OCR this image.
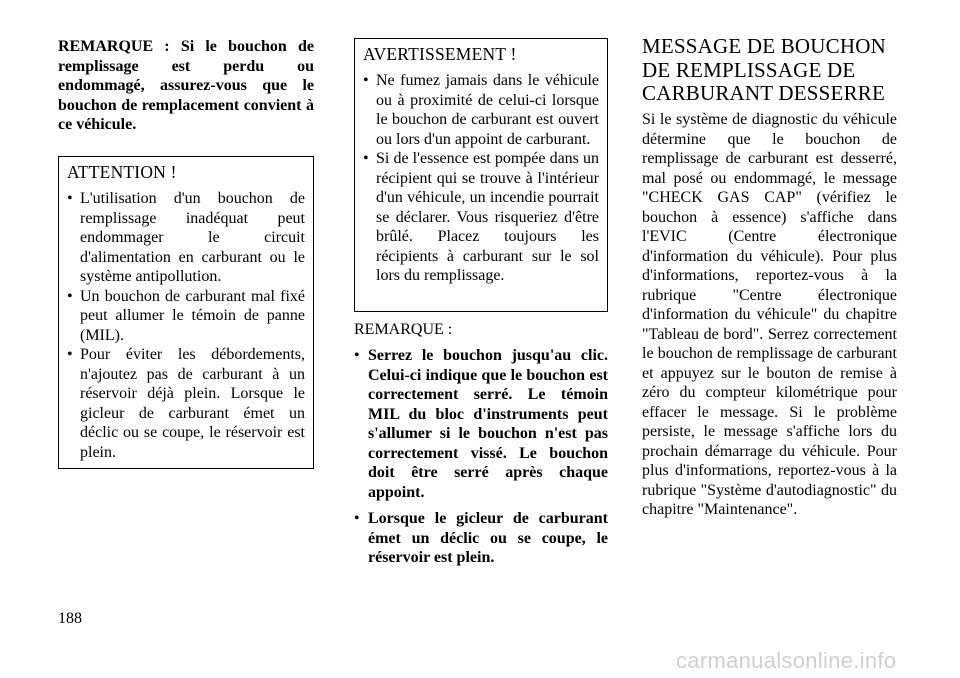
REMARQUE : Si le bouchon de remplissage est perdu ou endommagé, assurez-vous que le bouchon de remplacement convient à ce véhicule.

ATTENTION !
• L'utilisation d'un bouchon de remplissage inadéquat peut endommager le circuit d'alimentation en carburant ou le système antipollution.
• Un bouchon de carburant mal fixé peut allumer le témoin de panne (MIL).
• Pour éviter les débordements, n'ajoutez pas de carburant à un réservoir déjà plein. Lorsque le gicleur de carburant émet un déclic ou se coupe, le réservoir est plein.
AVERTISSEMENT !
• Ne fumez jamais dans le véhicule ou à proximité de celui-ci lorsque le bouchon de carburant est ouvert ou lors d'un appoint de carburant.
• Si de l'essence est pompée dans un récipient qui se trouve à l'intérieur d'un véhicule, un incendie pourrait se déclarer. Vous risqueriez d'être brûlé. Placez toujours les récipients à carburant sur le sol lors du remplissage.
REMARQUE :
• Serrez le bouchon jusqu'au clic. Celui-ci indique que le bouchon est correctement serré. Le témoin MIL du bloc d'instruments peut s'allumer si le bouchon n'est pas correctement vissé. Le bouchon doit être serré après chaque appoint.
• Lorsque le gicleur de carburant émet un déclic ou se coupe, le réservoir est plein.
MESSAGE DE BOUCHON DE REMPLISSAGE DE CARBURANT DESSERRE

Si le système de diagnostic du véhicule détermine que le bouchon de remplissage de carburant est desserré, mal posé ou endommagé, le message "CHECK GAS CAP" (vérifiez le bouchon à essence) s'affiche dans l'EVIC (Centre électronique d'information du véhicule). Pour plus d'informations, reportez-vous à la rubrique "Centre électronique d'information du véhicule" du chapitre "Tableau de bord". Serrez correctement le bouchon de remplissage de carburant et appuyez sur le bouton de remise à zéro du compteur kilométrique pour effacer le message. Si le problème persiste, le message s'affiche lors du prochain démarrage du véhicule. Pour plus d'informations, reportez-vous à la rubrique "Système d'autodiagnostic" du chapitre "Maintenance".

188
carmanualsonline.info
